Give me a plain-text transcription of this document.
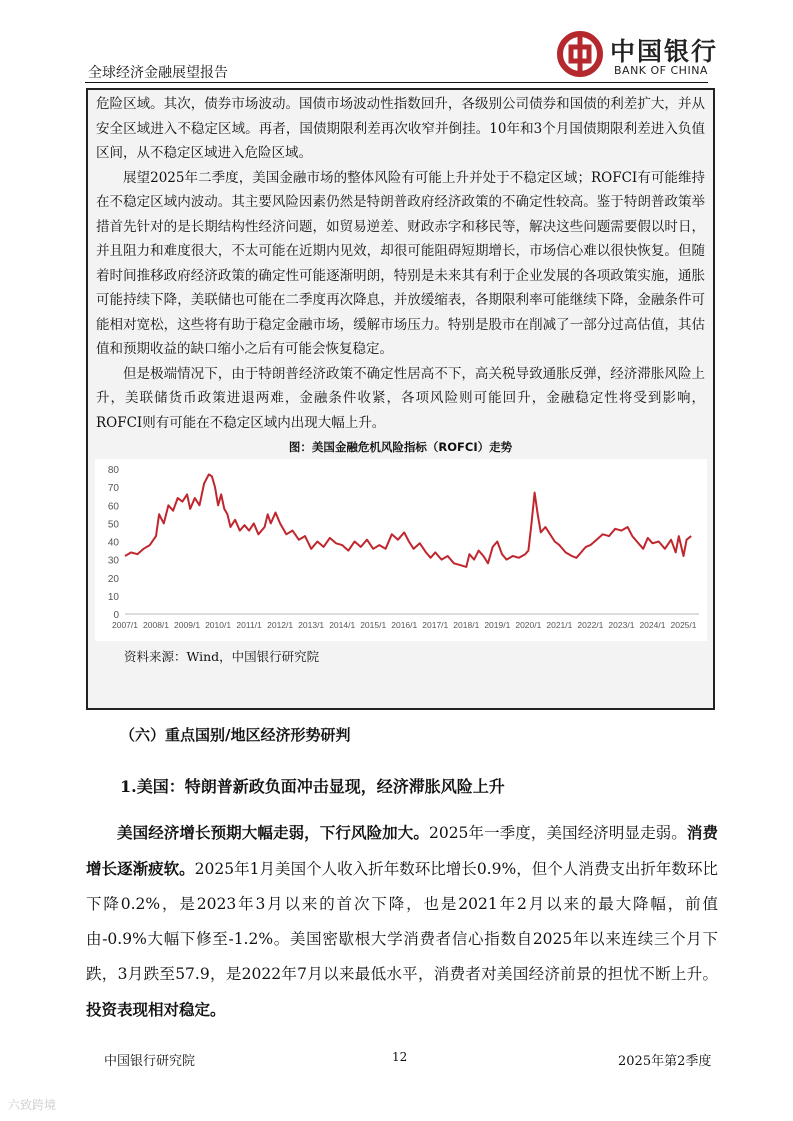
全球经济金融展望报告
中国银行
BANK OF CHINA

危险区域。其次，债券市场波动。国债市场波动性指数回升，各级别公司债券和国债的利差扩大，并从安全区域进入不稳定区域。再者，国债期限利差再次收窄并倒挂。10年和3个月国债期限利差进入负值区间，从不稳定区域进入危险区域。

展望2025年二季度，美国金融市场的整体风险有可能上升并处于不稳定区域；ROFCI有可能维持在不稳定区域内波动。其主要风险因素仍然是特朗普政府经济政策的不确定性较高。鉴于特朗普政策举措首先针对的是长期结构性经济问题，如贸易逆差、财政赤字和移民等，解决这些问题需要假以时日，并且阻力和难度很大，不太可能在近期内见效，却很可能阻碍短期增长，市场信心难以很快恢复。但随着时间推移政府经济政策的确定性可能逐渐明朗，特别是未来其有利于企业发展的各项政策实施，通胀可能持续下降，美联储也可能在二季度再次降息，并放缓缩表，各期限利率可能继续下降，金融条件可能相对宽松，这些将有助于稳定金融市场，缓解市场压力。特别是股市在削减了一部分过高估值，其估值和预期收益的缺口缩小之后有可能会恢复稳定。

但是极端情况下，由于特朗普经济政策不确定性居高不下，高关税导致通胀反弹，经济滞胀风险上升，美联储货币政策进退两难，金融条件收紧，各项风险则可能回升，金融稳定性将受到影响，ROFCI则有可能在不稳定区域内出现大幅上升。

图：美国金融危机风险指标（ROFCI）走势
0
10
20
30
40
50
60
70
80
2007/1 2008/1 2009/1 2010/1 2011/1 2012/1 2013/1 2014/1 2015/1 2016/1 2017/1 2018/1 2019/1 2020/1 2021/1 2022/1 2023/1 2024/1 2025/1
资料来源：Wind，中国银行研究院
（六）重点国别/地区经济形势研判
1.美国：特朗普新政负面冲击显现，经济滞胀风险上升
美国经济增长预期大幅走弱，下行风险加大。2025年一季度，美国经济明显走弱。消费增长逐渐疲软。2025年1月美国个人收入折年数环比增长0.9%，但个人消费支出折年数环比下降0.2%，是2023年3月以来的首次下降，也是2021年2月以来的最大降幅，前值由-0.9%大幅下修至-1.2%。美国密歇根大学消费者信心指数自2025年以来连续三个月下跌，3月跌至57.9，是2022年7月以来最低水平，消费者对美国经济前景的担忧不断上升。投资表现相对稳定。
中国银行研究院	12	2025年第2季度
六致跨境
